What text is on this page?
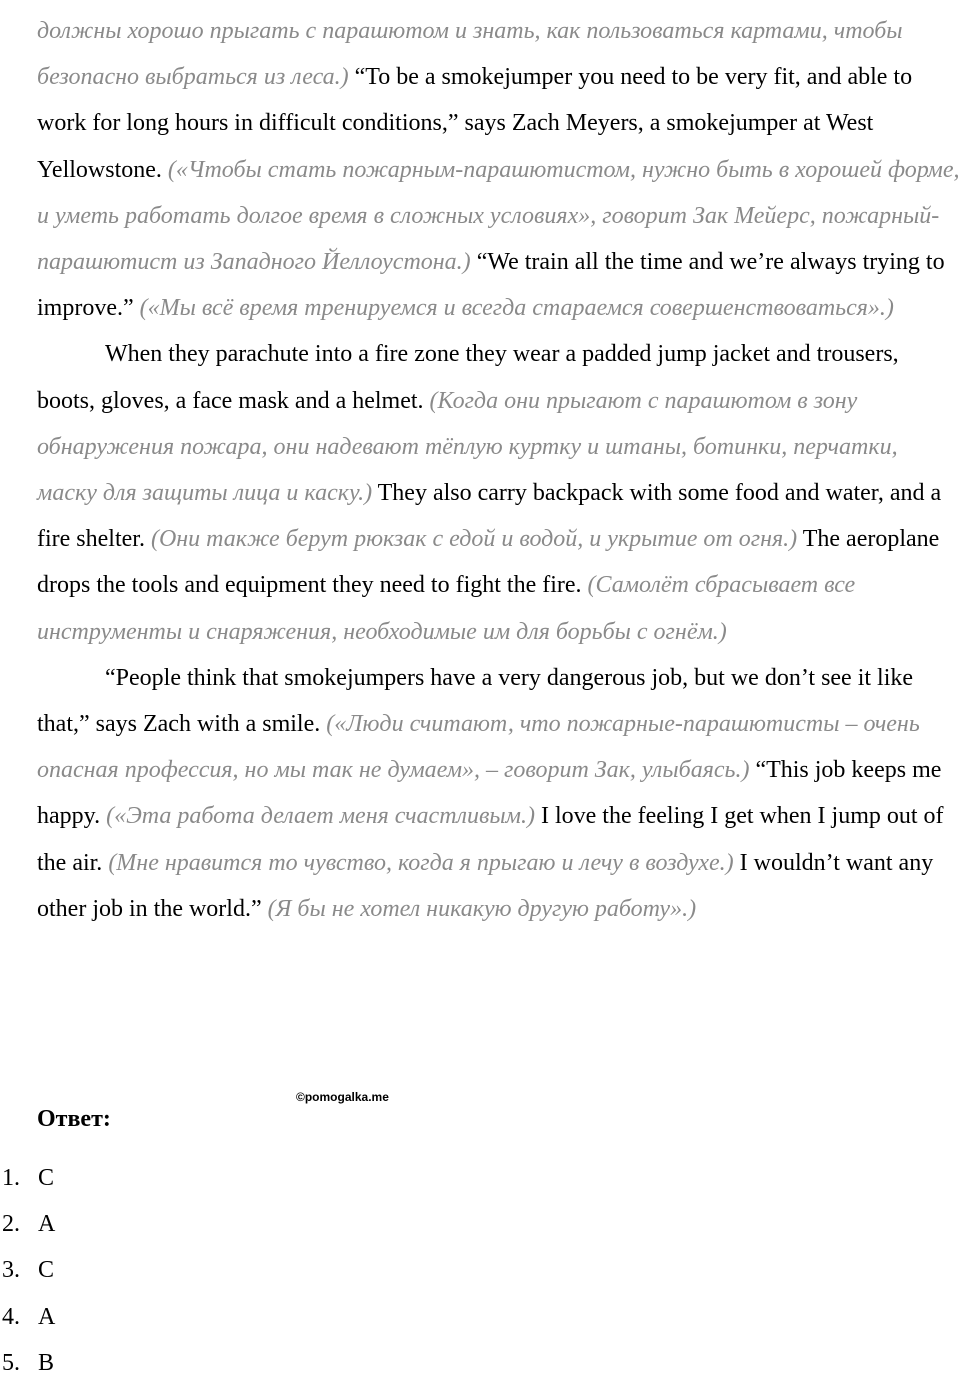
должны хорошо прыгать с парашютом и знать, как пользоваться картами, чтобы безопасно выбраться из леса.) “To be a smokejumper you need to be very fit, and able to work for long hours in difficult conditions,” says Zach Meyers, a smokejumper at West Yellowstone. («Чтобы стать пожарным-парашютистом, нужно быть в хорошей форме, и уметь работать долгое время в сложных условиях», говорит Зак Мейерс, пожарный-парашютист из Западного Йеллоустона.) “We train all the time and we’re always trying to improve.” («Мы всё время тренируемся и всегда стараемся совершенствоваться».)

When they parachute into a fire zone they wear a padded jump jacket and trousers, boots, gloves, a face mask and a helmet. (Когда они прыгают с парашютом в зону обнаружения пожара, они надевают тёплую куртку и штаны, ботинки, перчатки, маску для защиты лица и каску.) They also carry backpack with some food and water, and a fire shelter. (Они также берут рюкзак с едой и водой, и укрытие от огня.) The aeroplane drops the tools and equipment they need to fight the fire. (Самолёт сбрасывает все инструменты и снаряжения, необходимые им для борьбы с огнём.)

“People think that smokejumpers have a very dangerous job, but we don’t see it like that,” says Zach with a smile. («Люди считают, что пожарные-парашютисты – очень опасная профессия, но мы так не думаем», – говорит Зак, улыбаясь.) “This job keeps me happy. («Эта работа делает меня счастливым.) I love the feeling I get when I jump out of the air. (Мне нравится то чувство, когда я прыгаю и лечу в воздухе.) I wouldn’t want any other job in the world.” (Я бы не хотел никакую другую работу».)

©pomogalka.me
Ответ:
1. C
2. A
3. C
4. A
5. B
